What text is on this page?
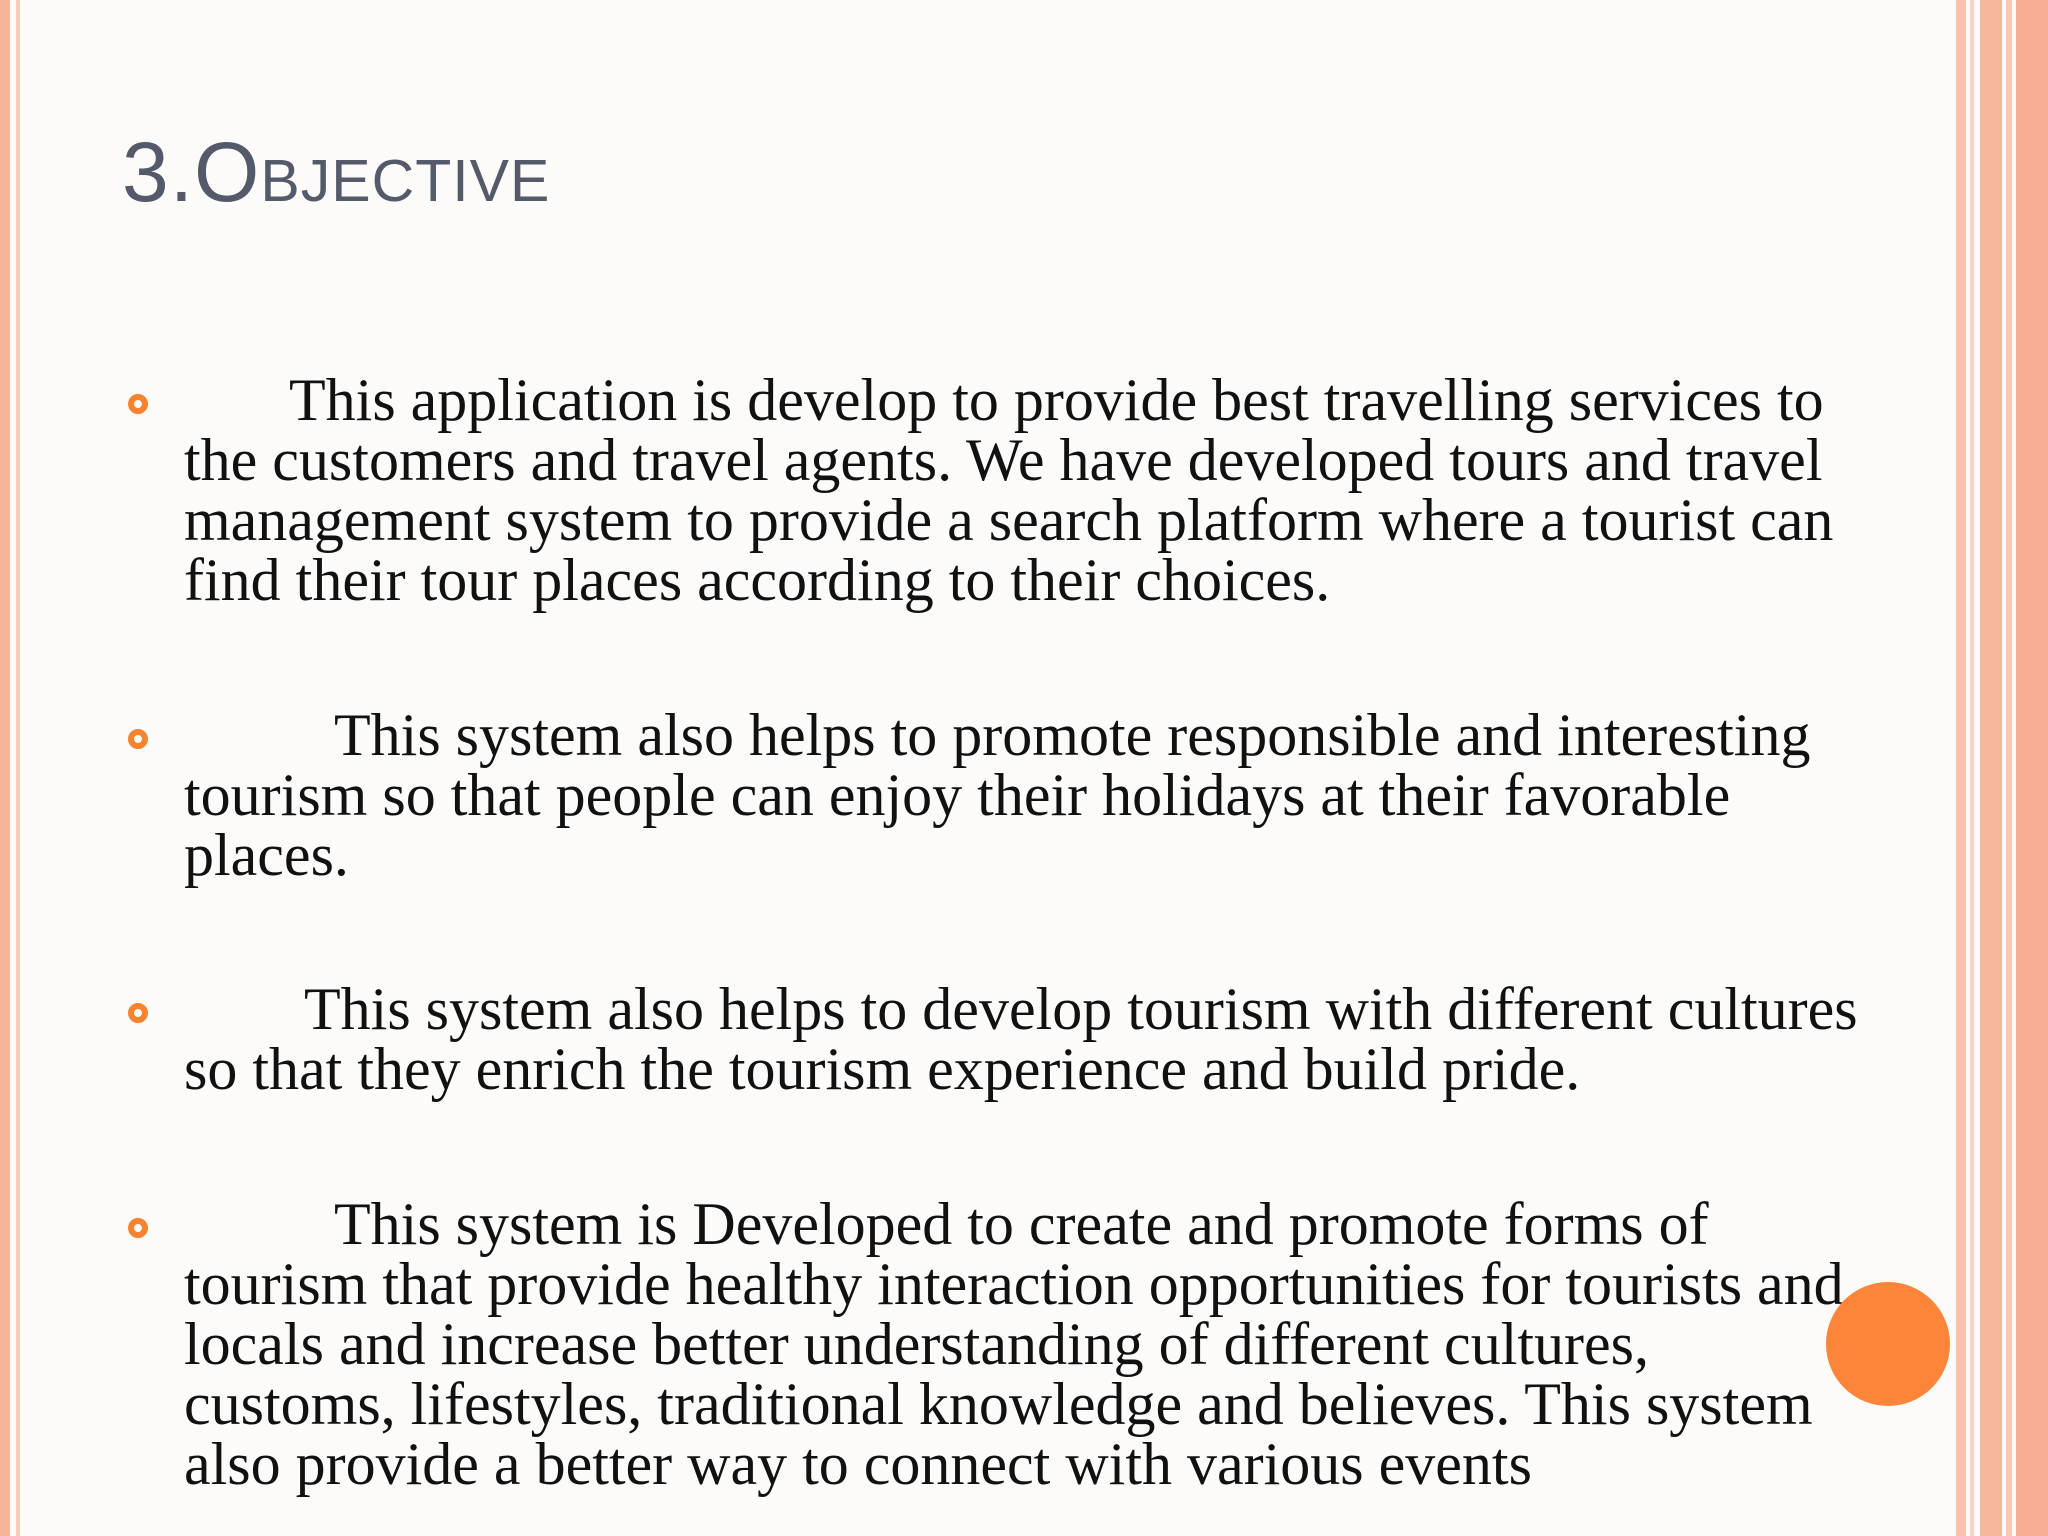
3.Objective
This application is develop to provide best travelling services to
the customers and travel agents. We have developed tours and travel
management system to provide a search platform where a tourist can
find their tour places according to their choices.
This system also helps to promote responsible and interesting
tourism so that people can enjoy their holidays at their favorable
places.
This system also helps to develop tourism with different cultures
so that they enrich the tourism experience and build pride.
This system is Developed to create and promote forms of
tourism that provide healthy interaction opportunities for tourists and
locals and increase better understanding of different cultures,
customs, lifestyles, traditional knowledge and believes. This system
also provide a better way to connect with various events
